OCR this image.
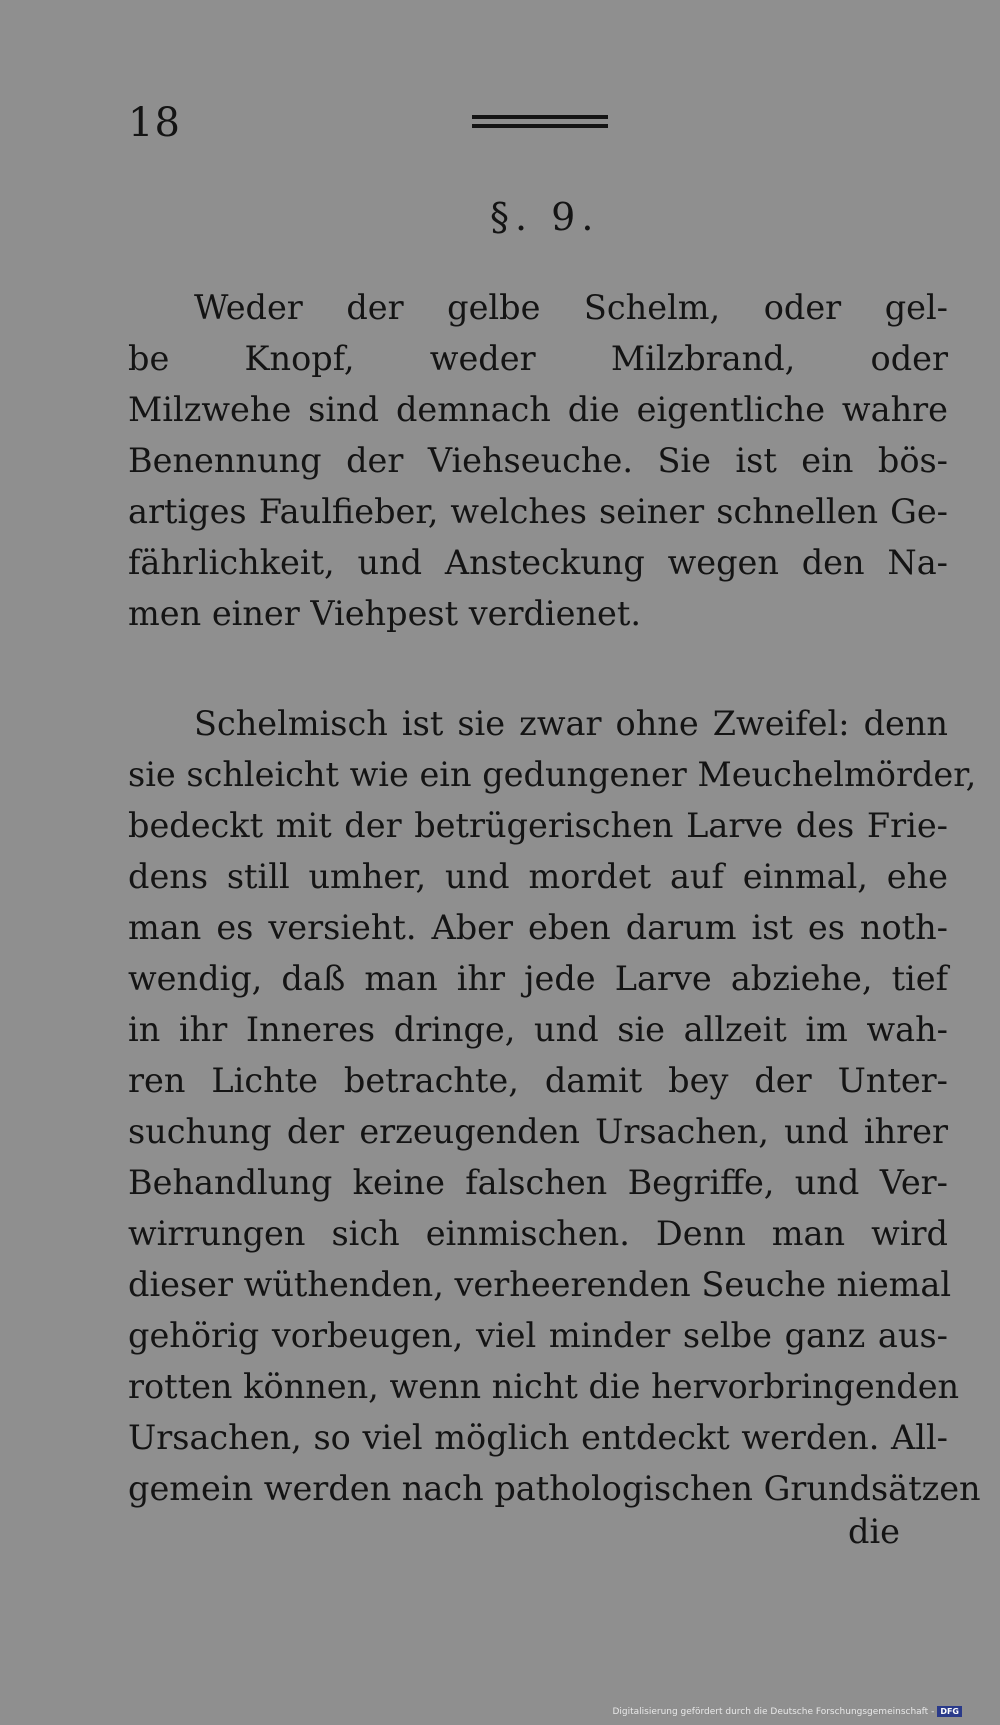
18
§. 9.
Weder der gelbe Schelm, oder gel-
be Knopf, weder Milzbrand, oder
Milzwehe sind demnach die eigentliche wahre
Benennung der Viehseuche. Sie ist ein bös-
artiges Faulfieber, welches seiner schnellen Ge-
fährlichkeit, und Ansteckung wegen den Na-
men einer Viehpest verdienet.
Schelmisch ist sie zwar ohne Zweifel: denn
sie schleicht wie ein gedungener Meuchelmörder,
bedeckt mit der betrügerischen Larve des Frie-
dens still umher, und mordet auf einmal, ehe
man es versieht. Aber eben darum ist es noth-
wendig, daß man ihr jede Larve abziehe, tief
in ihr Inneres dringe, und sie allzeit im wah-
ren Lichte betrachte, damit bey der Unter-
suchung der erzeugenden Ursachen, und ihrer
Behandlung keine falschen Begriffe, und Ver-
wirrungen sich einmischen. Denn man wird
dieser wüthenden, verheerenden Seuche niemal
gehörig vorbeugen, viel minder selbe ganz aus-
rotten können, wenn nicht die hervorbringenden
Ursachen, so viel möglich entdeckt werden. All-
gemein werden nach pathologischen Grundsätzen
die
Digitalisierung gefördert durch die Deutsche Forschungsgemeinschaft - DFG
